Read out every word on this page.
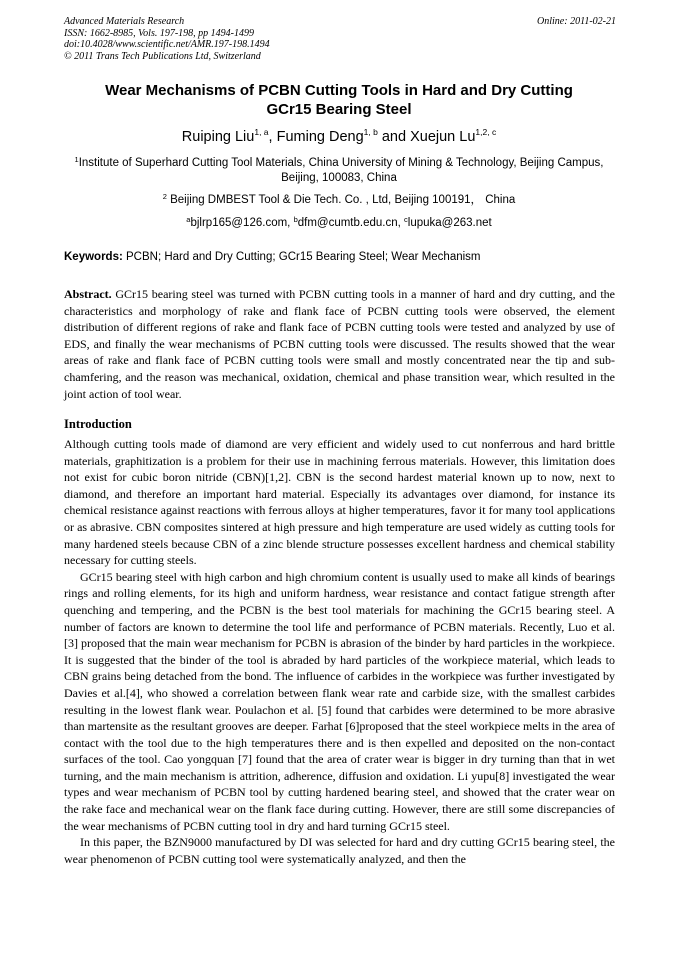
Advanced Materials Research
ISSN: 1662-8985, Vols. 197-198, pp 1494-1499
doi:10.4028/www.scientific.net/AMR.197-198.1494
© 2011 Trans Tech Publications Ltd, Switzerland
Online: 2011-02-21
Wear Mechanisms of PCBN Cutting Tools in Hard and Dry Cutting
GCr15 Bearing Steel
Ruiping Liu$^{1, a}$, Fuming Deng$^{1, b}$ and Xuejun Lu$^{1,2, c}$
$^1$Institute of Superhard Cutting Tool Materials, China University of Mining & Technology, Beijing Campus, Beijing, 100083, China
$^2$ Beijing DMBEST Tool & Die Tech. Co. , Ltd, Beijing 100191， China
$^a$bjlrp165@126.com, $^b$dfm@cumtb.edu.cn, $^c$lupuka@263.net
Keywords: PCBN; Hard and Dry Cutting; GCr15 Bearing Steel; Wear Mechanism
Abstract. GCr15 bearing steel was turned with PCBN cutting tools in a manner of hard and dry cutting, and the characteristics and morphology of rake and flank face of PCBN cutting tools were observed, the element distribution of different regions of rake and flank face of PCBN cutting tools were tested and analyzed by use of EDS, and finally the wear mechanisms of PCBN cutting tools were discussed. The results showed that the wear areas of rake and flank face of PCBN cutting tools were small and mostly concentrated near the tip and sub-chamfering, and the reason was mechanical, oxidation, chemical and phase transition wear, which resulted in the joint action of tool wear.
Introduction

Although cutting tools made of diamond are very efficient and widely used to cut nonferrous and hard brittle materials, graphitization is a problem for their use in machining ferrous materials. However, this limitation does not exist for cubic boron nitride (CBN)[1,2]. CBN is the second hardest material known up to now, next to diamond, and therefore an important hard material. Especially its advantages over diamond, for instance its chemical resistance against reactions with ferrous alloys at higher temperatures, favor it for many tool applications or as abrasive. CBN composites sintered at high pressure and high temperature are used widely as cutting tools for many hardened steels because CBN of a zinc blende structure possesses excellent hardness and chemical stability necessary for cutting steels.

GCr15 bearing steel with high carbon and high chromium content is usually used to make all kinds of bearings rings and rolling elements, for its high and uniform hardness, wear resistance and contact fatigue strength after quenching and tempering, and the PCBN is the best tool materials for machining the GCr15 bearing steel. A number of factors are known to determine the tool life and performance of PCBN materials. Recently, Luo et al. [3] proposed that the main wear mechanism for PCBN is abrasion of the binder by hard particles in the workpiece. It is suggested that the binder of the tool is abraded by hard particles of the workpiece material, which leads to CBN grains being detached from the bond. The influence of carbides in the workpiece was further investigated by Davies et al.[4], who showed a correlation between flank wear rate and carbide size, with the smallest carbides resulting in the lowest flank wear. Poulachon et al. [5] found that carbides were determined to be more abrasive than martensite as the resultant grooves are deeper. Farhat [6]proposed that the steel workpiece melts in the area of contact with the tool due to the high temperatures there and is then expelled and deposited on the non-contact surfaces of the tool. Cao yongquan [7] found that the area of crater wear is bigger in dry turning than that in wet turning, and the main mechanism is attrition, adherence, diffusion and oxidation. Li yupu[8] investigated the wear types and wear mechanism of PCBN tool by cutting hardened bearing steel, and showed that the crater wear on the rake face and mechanical wear on the flank face during cutting. However, there are still some discrepancies of the wear mechanisms of PCBN cutting tool in dry and hard turning GCr15 steel.

In this paper, the BZN9000 manufactured by DI was selected for hard and dry cutting GCr15 bearing steel, the wear phenomenon of PCBN cutting tool were systematically analyzed, and then the
